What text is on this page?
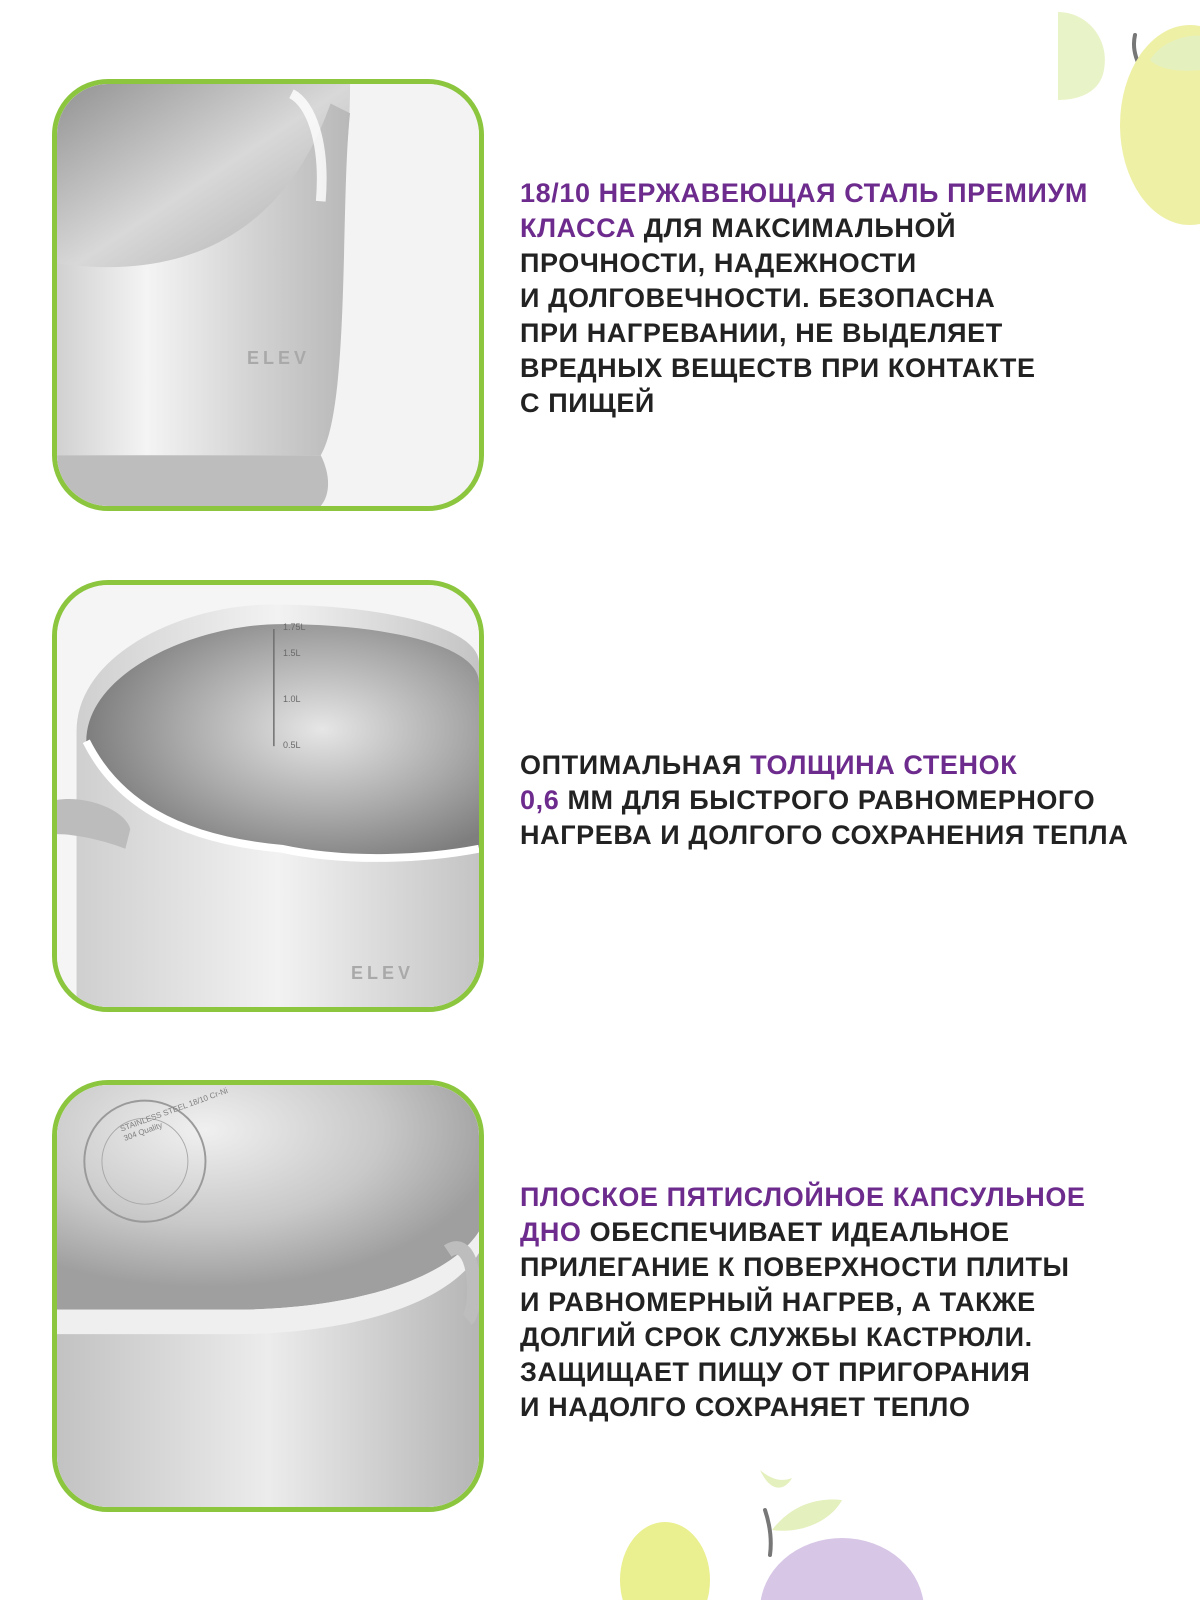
ELEV
18/10 НЕРЖАВЕЮЩАЯ СТАЛЬ ПРЕМИУМ
КЛАССА ДЛЯ МАКСИМАЛЬНОЙ
ПРОЧНОСТИ, НАДЕЖНОСТИ
И ДОЛГОВЕЧНОСТИ. БЕЗОПАСНА
ПРИ НАГРЕВАНИИ, НЕ ВЫДЕЛЯЕТ
ВРЕДНЫХ ВЕЩЕСТВ ПРИ КОНТАКТЕ
С ПИЩЕЙ
1.75L
1.5L
1.0L
0.5L
ELEV
ОПТИМАЛЬНАЯ ТОЛЩИНА СТЕНОК
0,6 ММ ДЛЯ БЫСТРОГО РАВНОМЕРНОГО
НАГРЕВА И ДОЛГОГО СОХРАНЕНИЯ ТЕПЛА
STAINLESS STEEL 18/10 Cr-Ni 304 Quality
ПЛОСКОЕ ПЯТИСЛОЙНОЕ КАПСУЛЬНОЕ
ДНО ОБЕСПЕЧИВАЕТ ИДЕАЛЬНОЕ
ПРИЛЕГАНИЕ К ПОВЕРХНОСТИ ПЛИТЫ
И РАВНОМЕРНЫЙ НАГРЕВ, А ТАКЖЕ
ДОЛГИЙ СРОК СЛУЖБЫ КАСТРЮЛИ.
ЗАЩИЩАЕТ ПИЩУ ОТ ПРИГОРАНИЯ
И НАДОЛГО СОХРАНЯЕТ ТЕПЛО
